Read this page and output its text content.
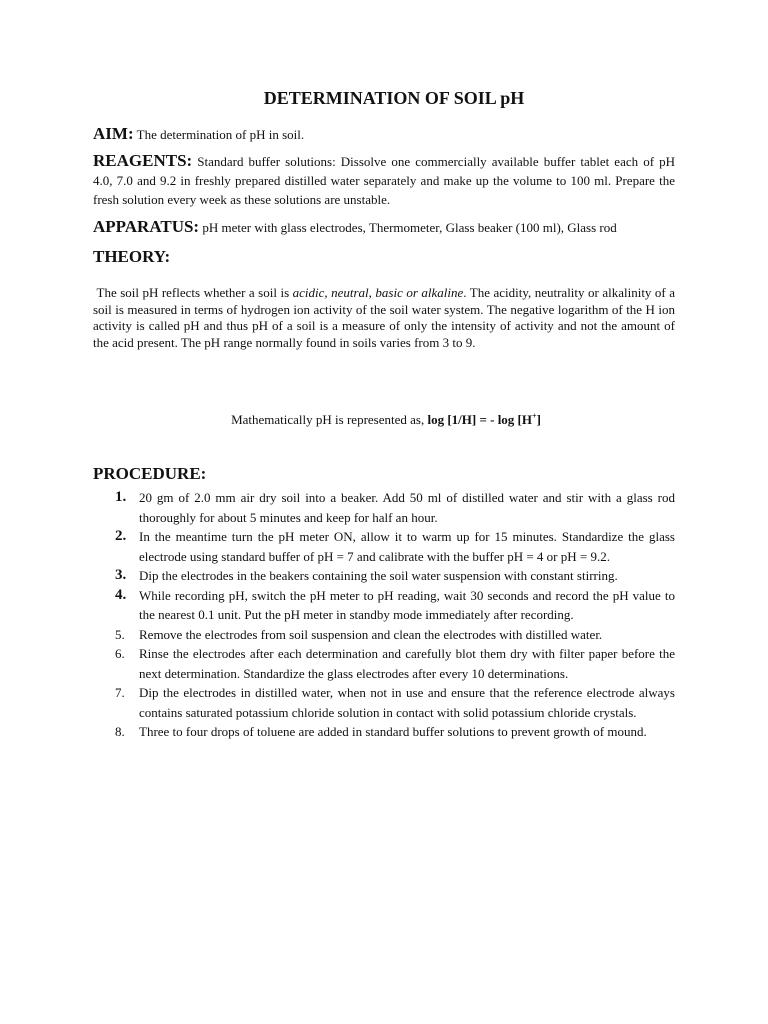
DETERMINATION OF SOIL pH

AIM: The determination of pH in soil.

REAGENTS: Standard buffer solutions: Dissolve one commercially available buffer tablet each of pH 4.0, 7.0 and 9.2 in freshly prepared distilled water separately and make up the volume to 100 ml. Prepare the fresh solution every week as these solutions are unstable.

APPARATUS: pH meter with glass electrodes, Thermometer, Glass beaker (100 ml), Glass rod

THEORY:

The soil pH reflects whether a soil is acidic, neutral, basic or alkaline. The acidity, neutrality or alkalinity of a soil is measured in terms of hydrogen ion activity of the soil water system. The negative logarithm of the H ion activity is called pH and thus pH of a soil is a measure of only the intensity of activity and not the amount of the acid present. The pH range normally found in soils varies from 3 to 9.

Mathematically pH is represented as, log [1/H] = - log [H+]

PROCEDURE:
1. 20 gm of 2.0 mm air dry soil into a beaker. Add 50 ml of distilled water and stir with a glass rod thoroughly for about 5 minutes and keep for half an hour.
2. In the meantime turn the pH meter ON, allow it to warm up for 15 minutes. Standardize the glass electrode using standard buffer of pH = 7 and calibrate with the buffer pH = 4 or pH = 9.2.
3. Dip the electrodes in the beakers containing the soil water suspension with constant stirring.
4. While recording pH, switch the pH meter to pH reading, wait 30 seconds and record the pH value to the nearest 0.1 unit. Put the pH meter in standby mode immediately after recording.
5. Remove the electrodes from soil suspension and clean the electrodes with distilled water.
6. Rinse the electrodes after each determination and carefully blot them dry with filter paper before the next determination. Standardize the glass electrodes after every 10 determinations.
7. Dip the electrodes in distilled water, when not in use and ensure that the reference electrode always contains saturated potassium chloride solution in contact with solid potassium chloride crystals.
8. Three to four drops of toluene are added in standard buffer solutions to prevent growth of mound.
